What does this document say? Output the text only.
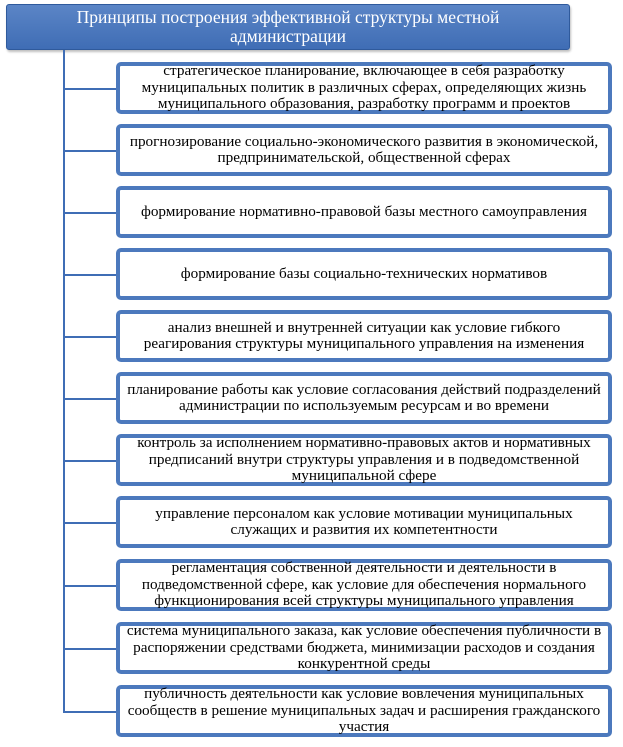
Принципы построения эффективной структуры местной администрации
стратегическое планирование, включающее в себя разработку муниципальных политик в различных сферах, определяющих жизнь муниципального образования, разработку программ и проектов
прогнозирование социально-экономического развития в экономической, предпринимательской, общественной сферах
формирование нормативно-правовой базы местного самоуправления
формирование базы социально-технических нормативов
анализ внешней и внутренней ситуации как условие гибкого реагирования структуры муниципального управления на изменения
планирование работы как условие согласования действий подразделений администрации по используемым ресурсам и во времени
контроль за исполнением нормативно-правовых актов и нормативных предписаний внутри структуры управления и в подведомственной муниципальной сфере
управление персоналом как условие мотивации муниципальных служащих и развития их компетентности
регламентация собственной деятельности и деятельности в подведомственной сфере, как условие для обеспечения нормального функционирования всей структуры муниципального управления
система муниципального заказа, как условие обеспечения публичности в распоряжении средствами бюджета, минимизации расходов и создания конкурентной среды
публичность деятельности как условие вовлечения муниципальных сообществ в решение муниципальных задач и расширения гражданского участия
